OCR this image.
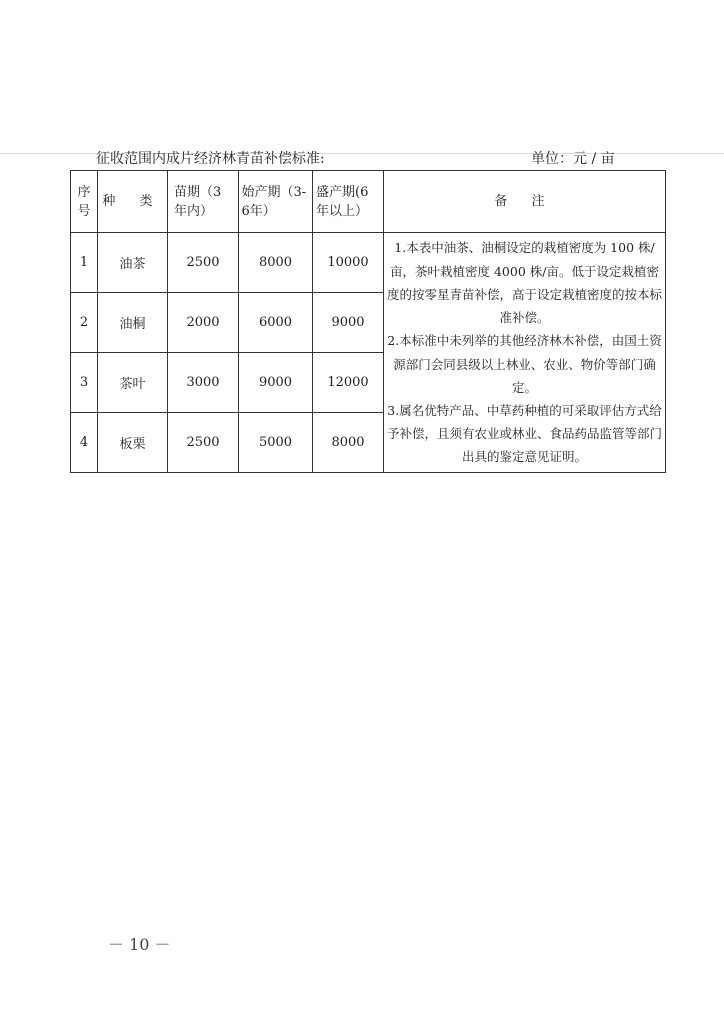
征收范围内成片经济林青苗补偿标准:	单位：元 / 亩
序号	种 类	苗期（3年内）	始产期（3-6年）	盛产期(6年以上）	备 注
1	油茶	2500	8000	10000	1.本表中油茶、油桐设定的栽植密度为 100 株/亩，茶叶栽植密度 4000 株/亩。低于设定栽植密度的按零星青苗补偿，高于设定栽植密度的按本标准补偿。

2.本标准中未列举的其他经济林木补偿，由国土资源部门会同县级以上林业、农业、物价等部门确定。

3.属名优特产品、中草药种植的可采取评估方式给予补偿，且须有农业或林业、食品药品监管等部门出具的鉴定意见证明。

2	油桐	2000	6000	9000	
3	茶叶	3000	9000	12000	
4	板栗	2500	5000	8000	
－ 10 －
